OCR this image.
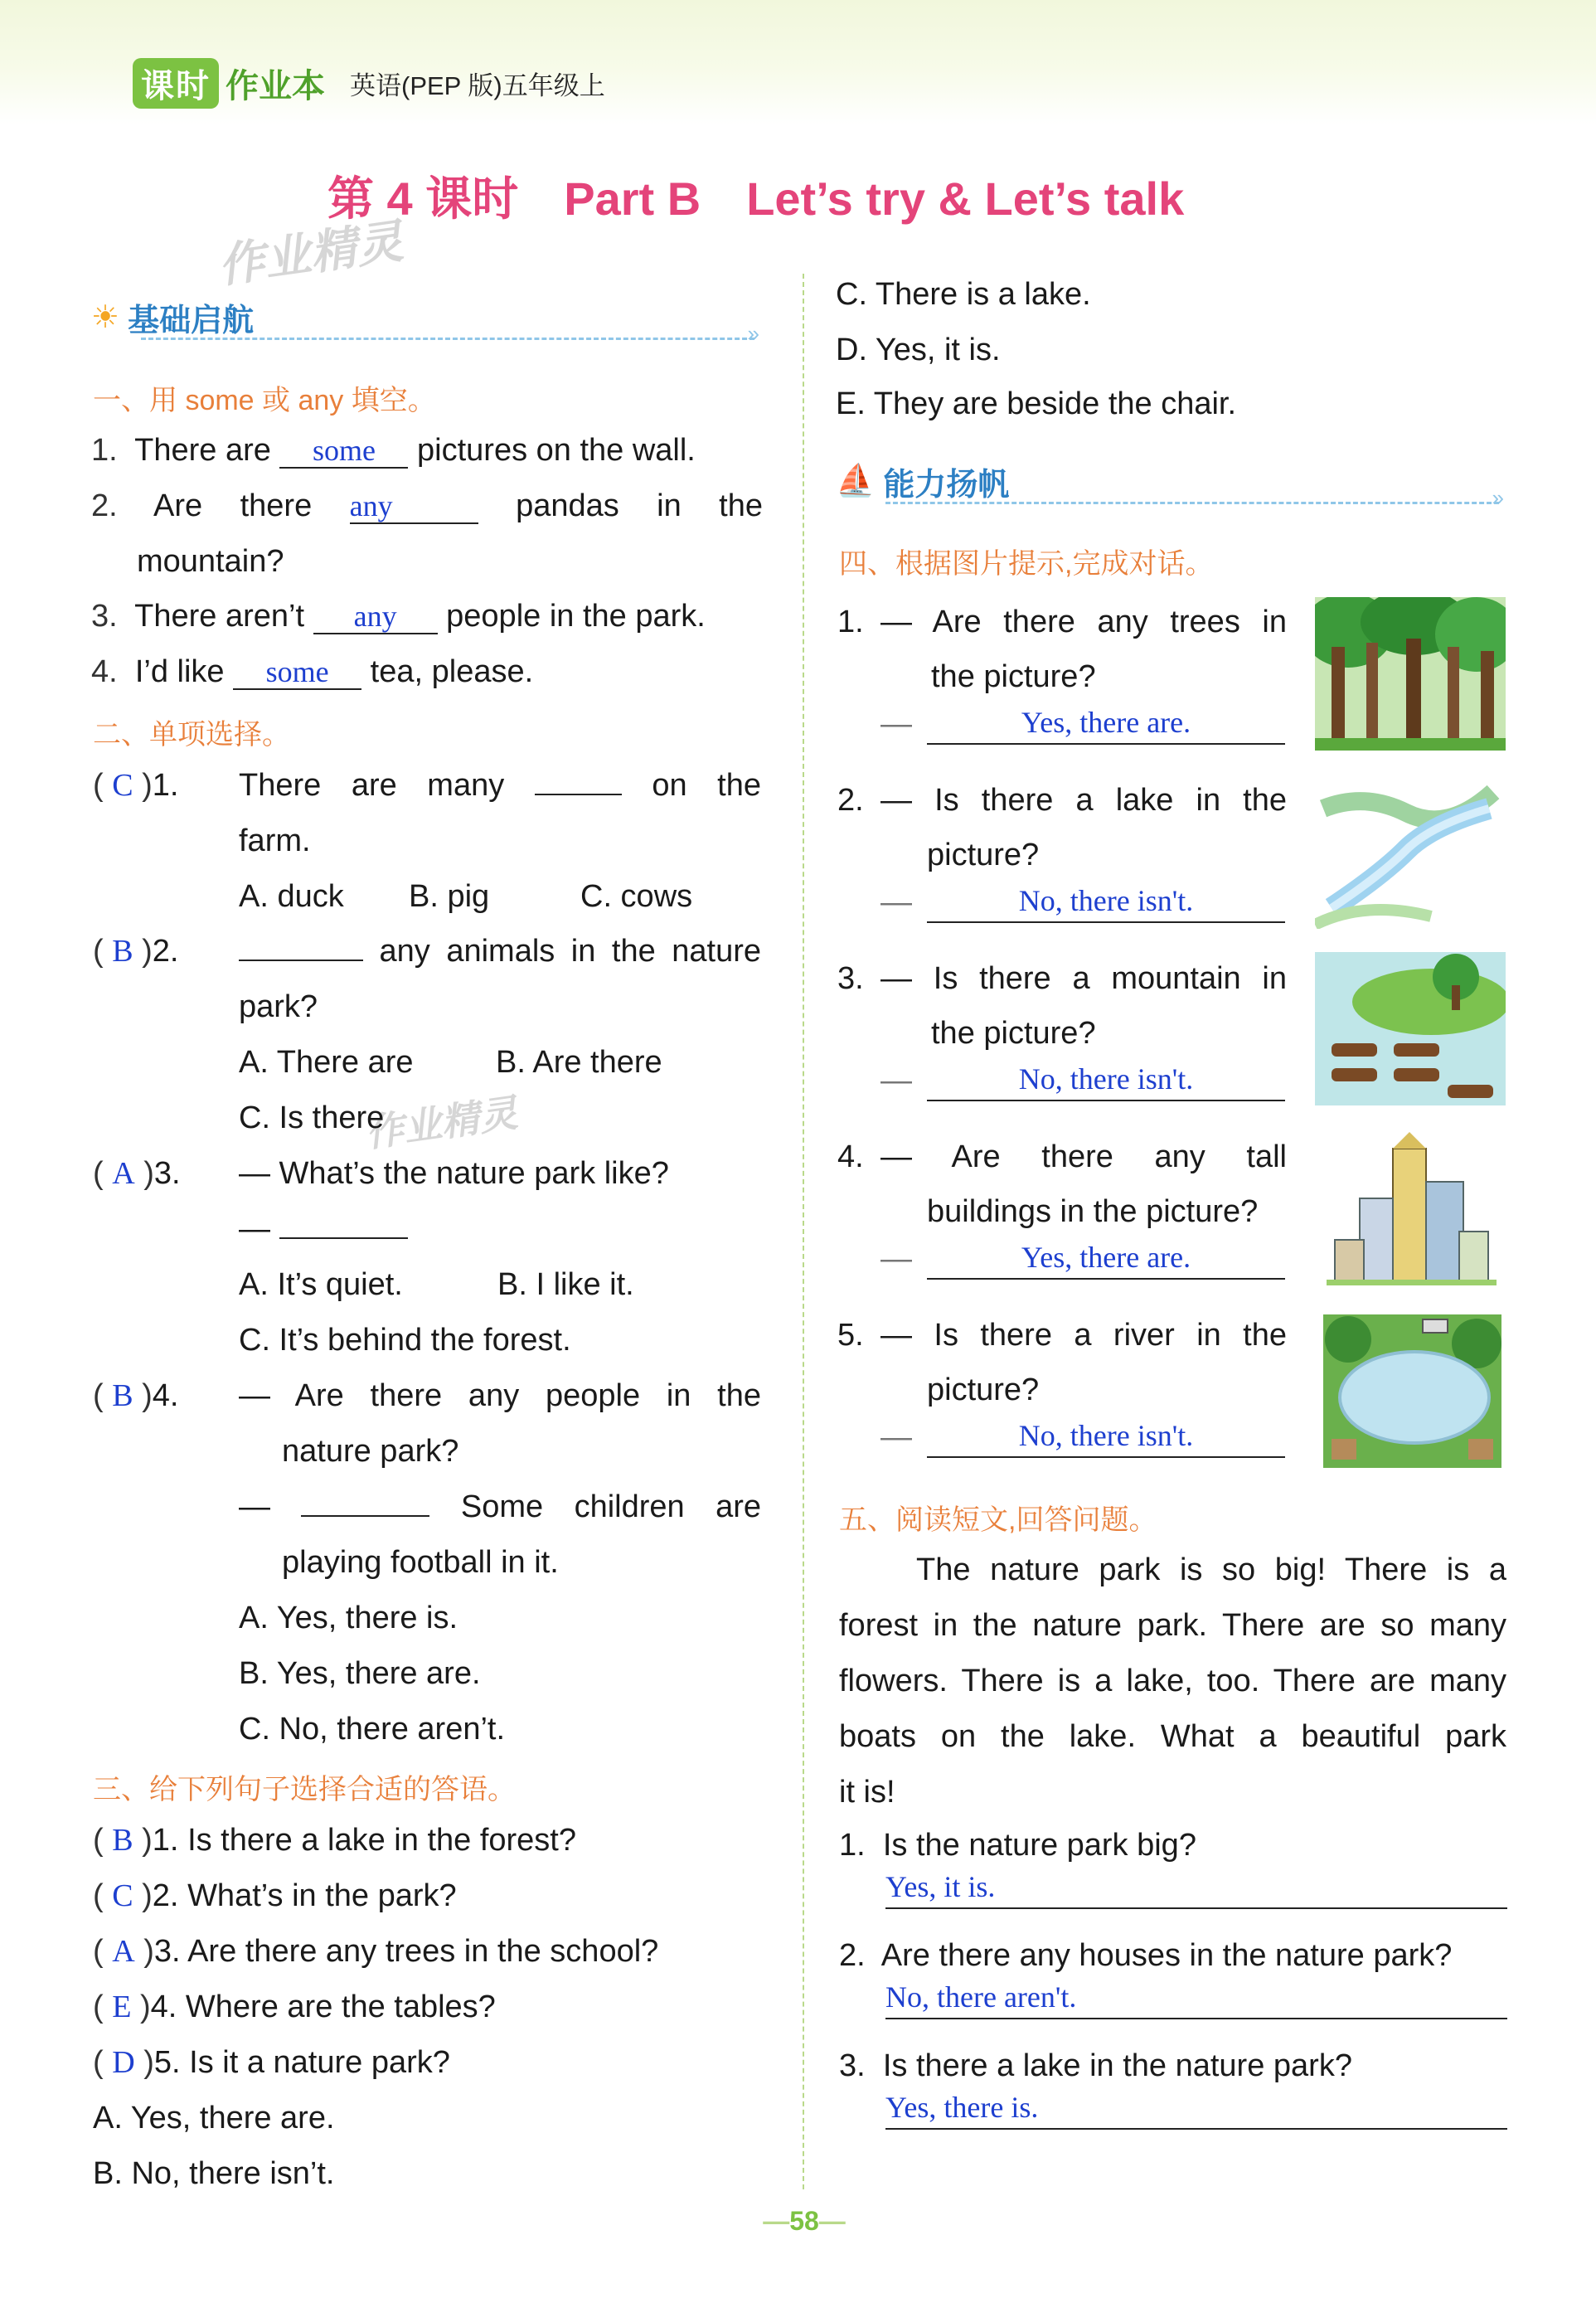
课时 作业本 英语(PEP 版)五年级上
第 4 课时 Part B Let’s try & Let’s talk
作业精灵
作业精灵
☀ 基础启航	»
一、用 some 或 any 填空。
1. There are some pictures on the wall.
2. Are there any	pandas in the
mountain?
3. There aren’t any people in the park.
4. I’d like some tea, please.
二、单项选择。
( C )1. There are many	on the
farm.
A. duck B. pig	C. cows
( B )2.	any animals in the nature
park?
A. There are	B. Are there
C. Is there
( A )3. — What’s the nature park like?
—
A. It’s quiet.	B. I like it.
C. It’s behind the forest.
( B )4. — Are there any people in the
nature park?
—	Some children are
playing football in it.
A. Yes, there is.
B. Yes, there are.
C. No, there aren’t.
三、给下列句子选择合适的答语。
( B )1. Is there a lake in the forest?
( C )2. What’s in the park?
( A )3. Are there any trees in the school?
( E )4. Where are the tables?
( D )5. Is it a nature park?
A. Yes, there are.
B. No, there isn’t.
C. There is a lake.
D. Yes, it is.
E. They are beside the chair.
⛵ 能力扬帆	»
四、根据图片提示,完成对话。
1. — Are there any trees in
the picture?
—	Yes, there are.
2. — Is there a lake in the
picture?
—	No, there isn't.
3. — Is there a mountain in
the picture?
—	No, there isn't.
4. — Are there any tall
buildings in the picture?
—	Yes, there are.
5. — Is there a river in the
picture?
—	No, there isn't.
五、阅读短文,回答问题。
The nature park is so big! There is a
forest in the nature park. There are so many
flowers. There is a lake, too. There are many
boats on the lake. What a beautiful park
it is!
1. Is the nature park big?
Yes, it is.
2. Are there any houses in the nature park?
No, there aren't.
3. Is there a lake in the nature park?
Yes, there is.
—58—
